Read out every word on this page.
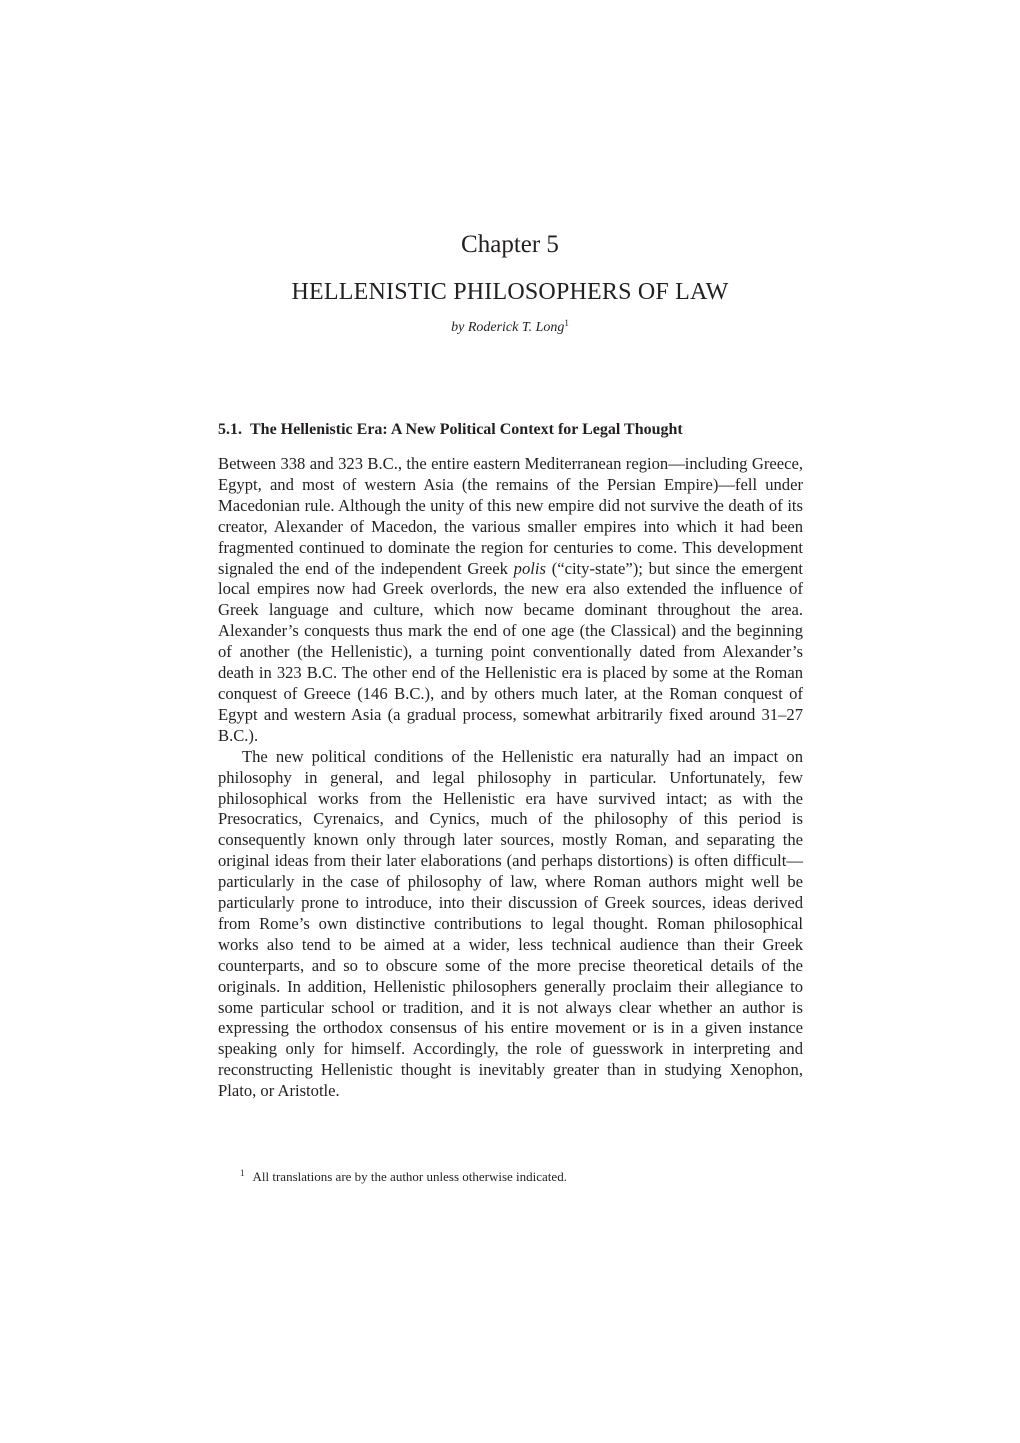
Chapter 5
HELLENISTIC PHILOSOPHERS OF LAW
by Roderick T. Long$^1$
5.1. The Hellenistic Era: A New Political Context for Legal Thought

Between 338 and 323 B.C., the entire eastern Mediterranean region—including Greece, Egypt, and most of western Asia (the remains of the Persian Empire)—fell under Macedonian rule. Although the unity of this new empire did not survive the death of its creator, Alexander of Macedon, the various smaller empires into which it had been fragmented continued to dominate the region for centuries to come. This development signaled the end of the independent Greek polis (“city-state”); but since the emergent local empires now had Greek overlords, the new era also extended the influence of Greek language and culture, which now became dominant throughout the area. Alexander’s conquests thus mark the end of one age (the Classical) and the beginning of another (the Hellenistic), a turning point conventionally dated from Alexander’s death in 323 B.C. The other end of the Hellenistic era is placed by some at the Roman conquest of Greece (146 B.C.), and by others much later, at the Roman conquest of Egypt and western Asia (a gradual process, somewhat arbitrarily fixed around 31–27 B.C.).

The new political conditions of the Hellenistic era naturally had an impact on philosophy in general, and legal philosophy in particular. Unfortunately, few philosophical works from the Hellenistic era have survived intact; as with the Presocratics, Cyrenaics, and Cynics, much of the philosophy of this period is consequently known only through later sources, mostly Roman, and separating the original ideas from their later elaborations (and perhaps distortions) is often difficult—particularly in the case of philosophy of law, where Roman authors might well be particularly prone to introduce, into their discussion of Greek sources, ideas derived from Rome’s own distinctive contributions to legal thought. Roman philosophical works also tend to be aimed at a wider, less technical audience than their Greek counterparts, and so to obscure some of the more precise theoretical details of the originals. In addition, Hellenistic philosophers generally proclaim their allegiance to some particular school or tradition, and it is not always clear whether an author is expressing the orthodox consensus of his entire movement or is in a given instance speaking only for himself. Accordingly, the role of guesswork in interpreting and reconstructing Hellenistic thought is inevitably greater than in studying Xenophon, Plato, or Aristotle.

$^1$ All translations are by the author unless otherwise indicated.
